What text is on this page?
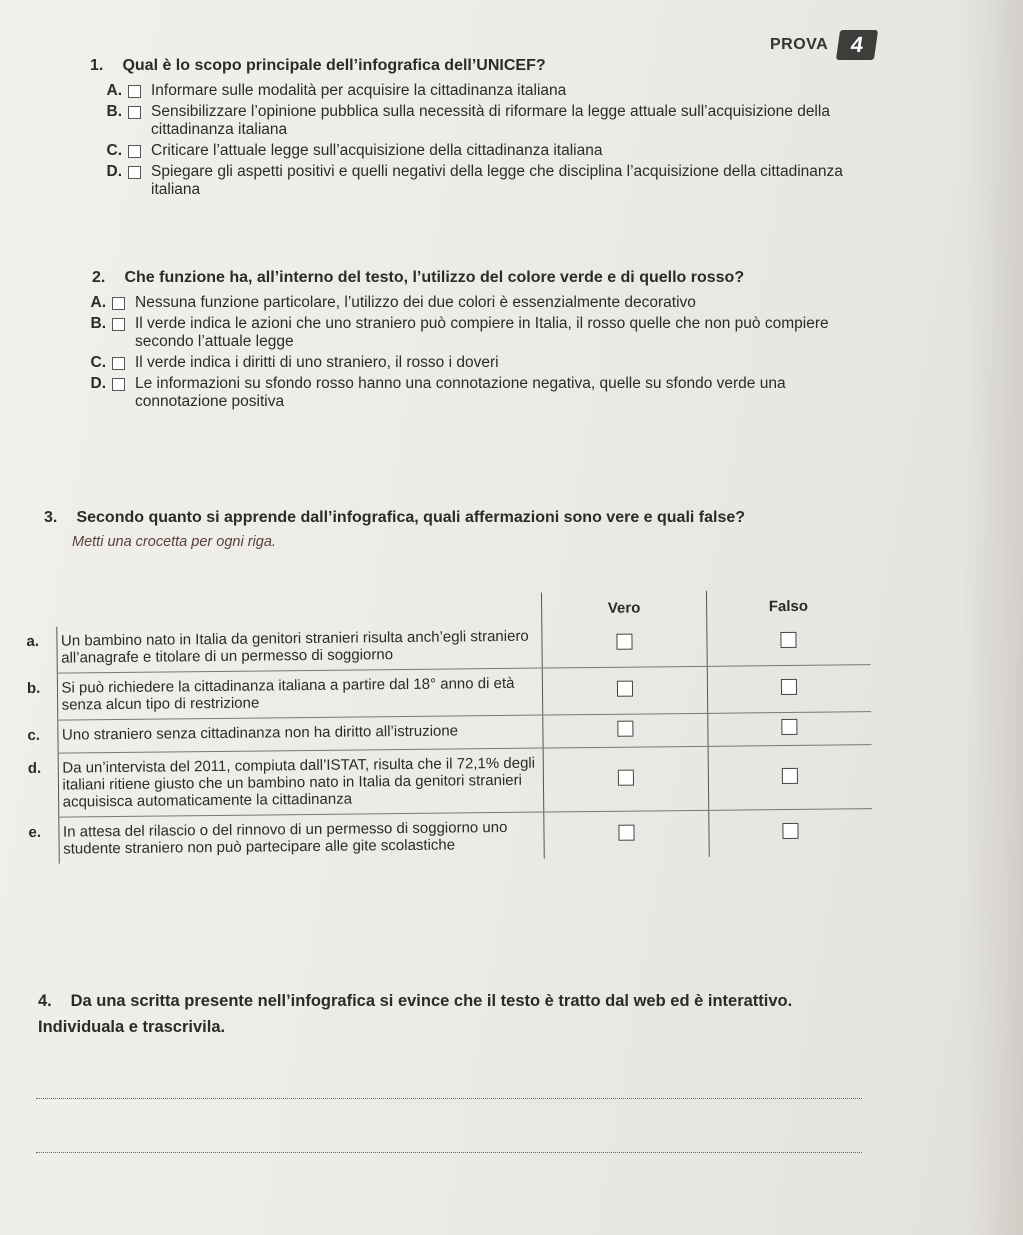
PROVA 4
1. Qual è lo scopo principale dell’infografica dell’UNICEF?
A. Informare sulle modalità per acquisire la cittadinanza italiana
B. Sensibilizzare l’opinione pubblica sulla necessità di riformare la legge attuale sull’acquisizione della cittadinanza italiana
C. Criticare l’attuale legge sull’acquisizione della cittadinanza italiana
D. Spiegare gli aspetti positivi e quelli negativi della legge che disciplina l’acquisizione della cittadinanza italiana
2. Che funzione ha, all’interno del testo, l’utilizzo del colore verde e di quello rosso?
A. Nessuna funzione particolare, l’utilizzo dei due colori è essenzialmente decorativo
B. Il verde indica le azioni che uno straniero può compiere in Italia, il rosso quelle che non può compiere secondo l’attuale legge
C. Il verde indica i diritti di uno straniero, il rosso i doveri
D. Le informazioni su sfondo rosso hanno una connotazione negativa, quelle su sfondo verde una connotazione positiva
3. Secondo quanto si apprende dall’infografica, quali affermazioni sono vere e quali false?
Metti una crocetta per ogni riga.
		Vero	Falso
a.	Un bambino nato in Italia da genitori stranieri risulta anch’egli straniero all’anagrafe e titolare di un permesso di soggiorno		
b.	Si può richiedere la cittadinanza italiana a partire dal 18° anno di età senza alcun tipo di restrizione		
c.	Uno straniero senza cittadinanza non ha diritto all’istruzione		
d.	Da un’intervista del 2011, compiuta dall’ISTAT, risulta che il 72,1% degli italiani ritiene giusto che un bambino nato in Italia da genitori stranieri acquisisca automaticamente la cittadinanza		
e.	In attesa del rilascio o del rinnovo di un permesso di soggiorno uno studente straniero non può partecipare alle gite scolastiche		
4. Da una scritta presente nell’infografica si evince che il testo è tratto dal web ed è interattivo. Individuala e trascrivila.
